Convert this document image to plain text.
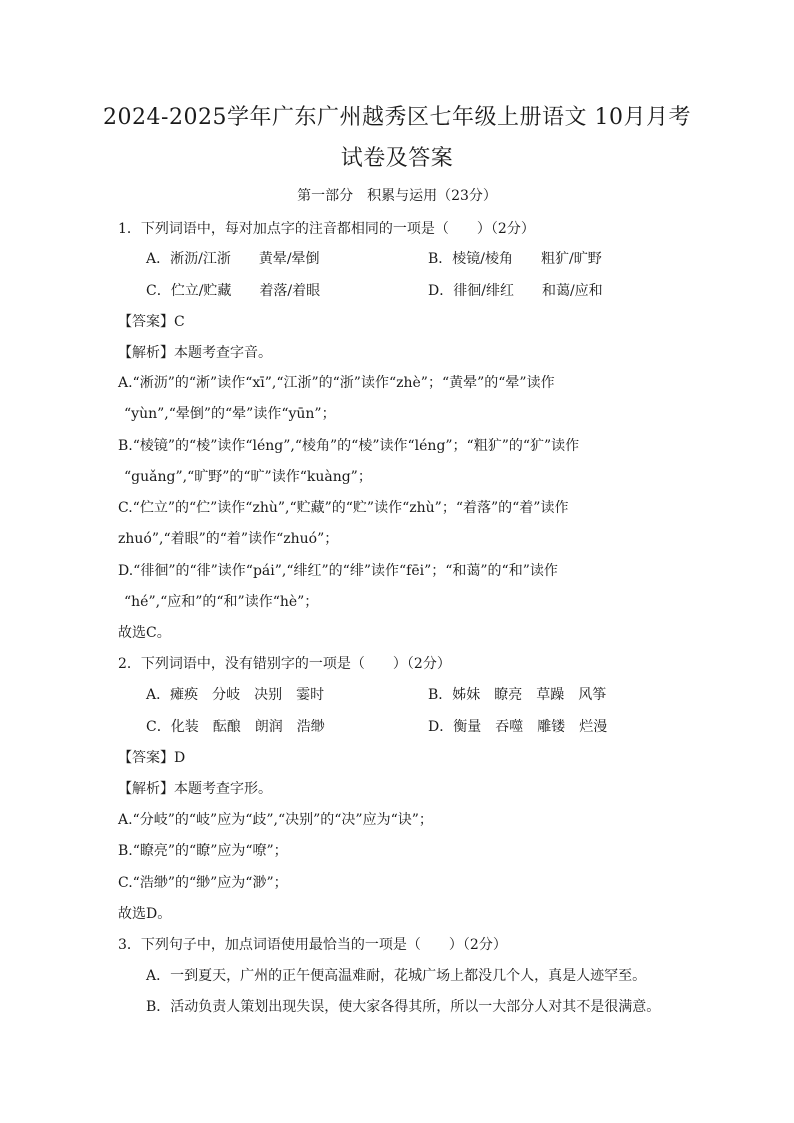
2024-2025学年广东广州越秀区七年级上册语文 10月月考
试卷及答案
第一部分　积累与运用（23分）
1．下列词语中，每对加点字的注音都相同的一项是（　　）（2分）
A．淅沥/江浙　　黄晕/晕倒	B．棱镜/棱角　　粗犷/旷野
C．伫立/贮藏　　着落/着眼	D．徘徊/绯红　　和蔼/应和
【答案】C
【解析】本题考查字音。
A.“淅沥”的“淅”读作“xī”,“江浙”的“浙”读作“zhè”；“黄晕”的“晕”读作
“yùn”,“晕倒”的“晕”读作“yūn”；
B.“棱镜”的“棱”读作“léng”,“棱角”的“棱”读作“léng”；“粗犷”的“犷”读作
“guǎng”,“旷野”的“旷”读作“kuàng”；
C.“伫立”的“伫”读作“zhù”,“贮藏”的“贮”读作“zhù”；“着落”的“着”读作
zhuó”,“着眼”的“着”读作“zhuó”；
D.“徘徊”的“徘”读作“pái”,“绯红”的“绯”读作“fēi”；“和蔼”的“和”读作
“hé”,“应和”的“和”读作“hè”；
故选C。
2．下列词语中，没有错别字的一项是（　　）（2分）
A．瘫痪　分岐　决别　霎时	B．姊妹　瞭亮　草躁　风筝
C．化装　酝酿　朗润　浩缈	D．衡量　吞噬　雕镂　烂漫
【答案】D
【解析】本题考查字形。
A.“分岐”的“岐”应为“歧”,“决别”的“决”应为“诀”；
B.“瞭亮”的“瞭”应为“嘹”；
C.“浩缈”的“缈”应为“渺”；
故选D。
3．下列句子中，加点词语使用最恰当的一项是（　　）（2分）
A．一到夏天，广州的正午便高温难耐，花城广场上都没几个人，真是人迹罕至。
B．活动负责人策划出现失误，使大家各得其所，所以一大部分人对其不是很满意。
